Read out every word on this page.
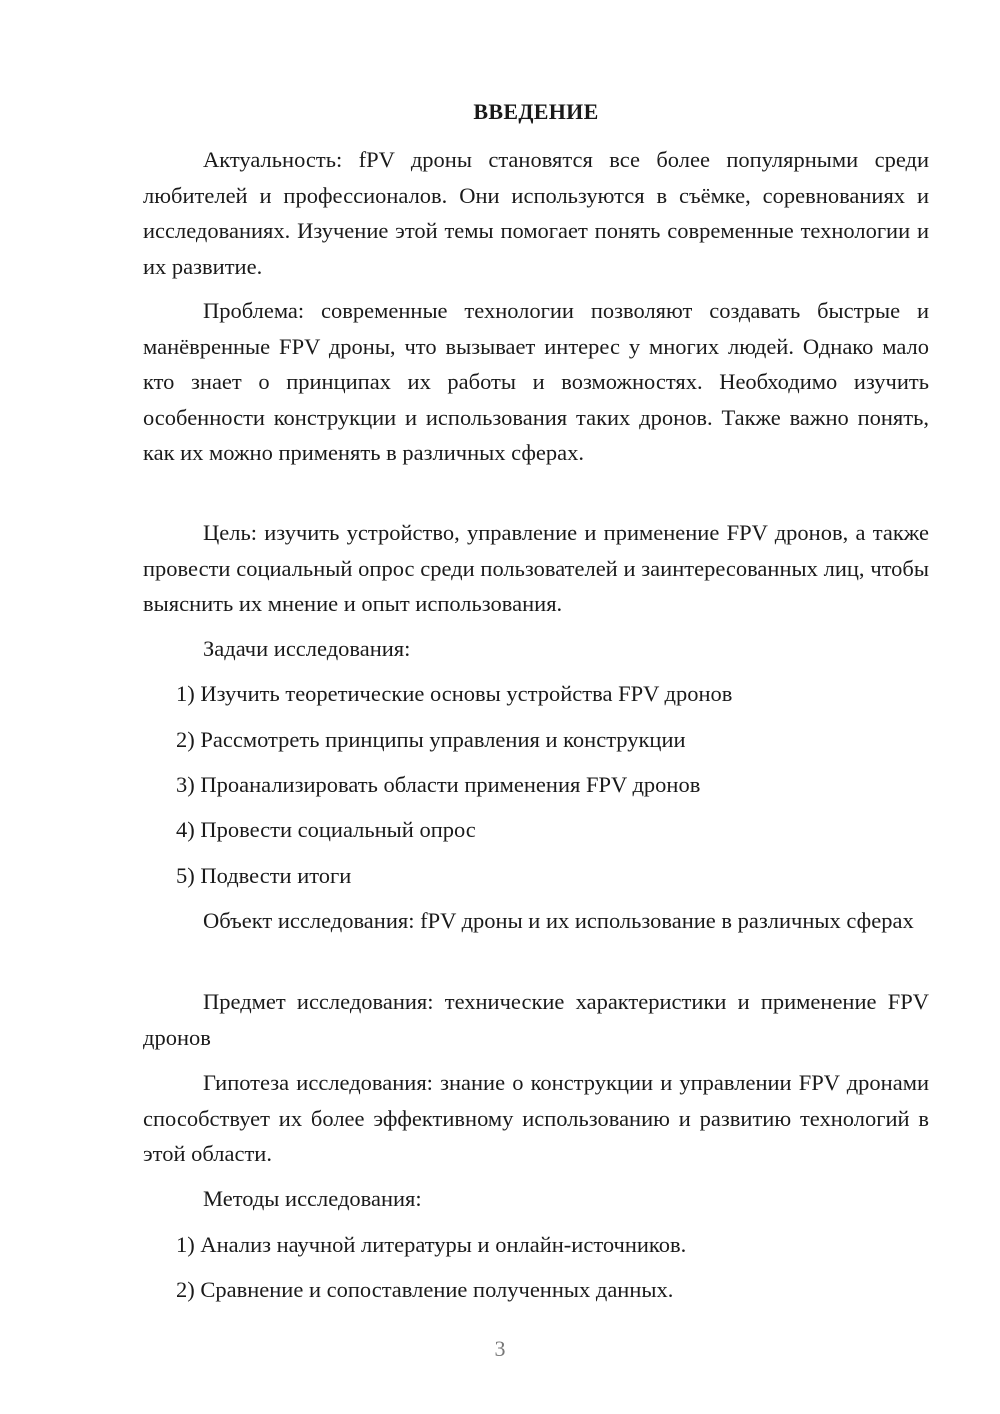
ВВЕДЕНИЕ

Актуальность: fPV дроны становятся все более популярными среди любителей и профессионалов. Они используются в съёмке, соревнованиях и исследованиях. Изучение этой темы помогает понять современные технологии и их развитие.

Проблема: современные технологии позволяют создавать быстрые и манёвренные FPV дроны, что вызывает интерес у многих людей. Однако мало кто знает о принципах их работы и возможностях. Необходимо изучить особенности конструкции и использования таких дронов. Также важно понять, как их можно применять в различных сферах.

Цель: изучить устройство, управление и применение FPV дронов, а также провести социальный опрос среди пользователей и заинтересованных лиц, чтобы выяснить их мнение и опыт использования.

Задачи исследования:

1) Изучить теоретические основы устройства FPV дронов

2) Рассмотреть принципы управления и конструкции

3) Проанализировать области применения FPV дронов

4) Провести социальный опрос

5) Подвести итоги

Объект исследования: fPV дроны и их использование в различных сферах

Предмет исследования: технические характеристики и применение FPV дронов

Гипотеза исследования: знание о конструкции и управлении FPV дронами способствует их более эффективному использованию и развитию технологий в этой области.

Методы исследования:

1) Анализ научной литературы и онлайн-источников.

2) Сравнение и сопоставление полученных данных.

3
